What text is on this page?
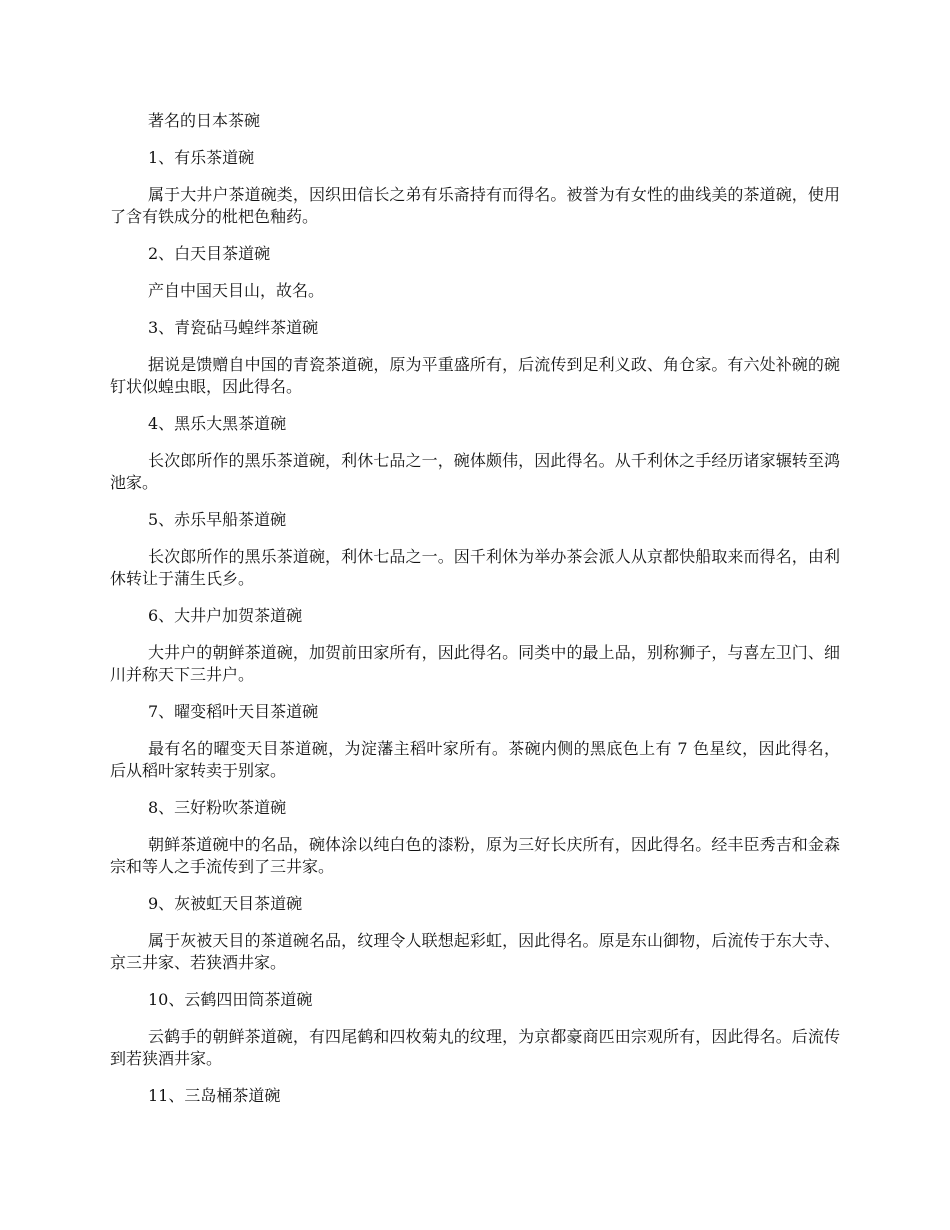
著名的日本茶碗

1、有乐茶道碗

属于大井户茶道碗类，因织田信长之弟有乐斋持有而得名。被誉为有女性的曲线美的茶道碗，使用了含有铁成分的枇杷色釉药。

2、白天目茶道碗

产自中国天目山，故名。

3、青瓷砧马蝗绊茶道碗

据说是馈赠自中国的青瓷茶道碗，原为平重盛所有，后流传到足利义政、角仓家。有六处补碗的碗钉状似蝗虫眼，因此得名。

4、黑乐大黑茶道碗

长次郎所作的黑乐茶道碗，利休七品之一，碗体颇伟，因此得名。从千利休之手经历诸家辗转至鸿池家。

5、赤乐早船茶道碗

长次郎所作的黑乐茶道碗，利休七品之一。因千利休为举办茶会派人从京都快船取来而得名，由利休转让于蒲生氏乡。

6、大井户加贺茶道碗

大井户的朝鲜茶道碗，加贺前田家所有，因此得名。同类中的最上品，别称狮子，与喜左卫门、细川并称天下三井户。

7、曜变稻叶天目茶道碗

最有名的曜变天目茶道碗，为淀藩主稻叶家所有。茶碗内侧的黑底色上有 7 色星纹，因此得名，后从稻叶家转卖于别家。

8、三好粉吹茶道碗

朝鲜茶道碗中的名品，碗体涂以纯白色的漆粉，原为三好长庆所有，因此得名。经丰臣秀吉和金森宗和等人之手流传到了三井家。

9、灰被虹天目茶道碗

属于灰被天目的茶道碗名品，纹理令人联想起彩虹，因此得名。原是东山御物，后流传于东大寺、京三井家、若狭酒井家。

10、云鹤四田筒茶道碗

云鹤手的朝鲜茶道碗，有四尾鹤和四枚菊丸的纹理，为京都豪商匹田宗观所有，因此得名。后流传到若狭酒井家。

11、三岛桶茶道碗
